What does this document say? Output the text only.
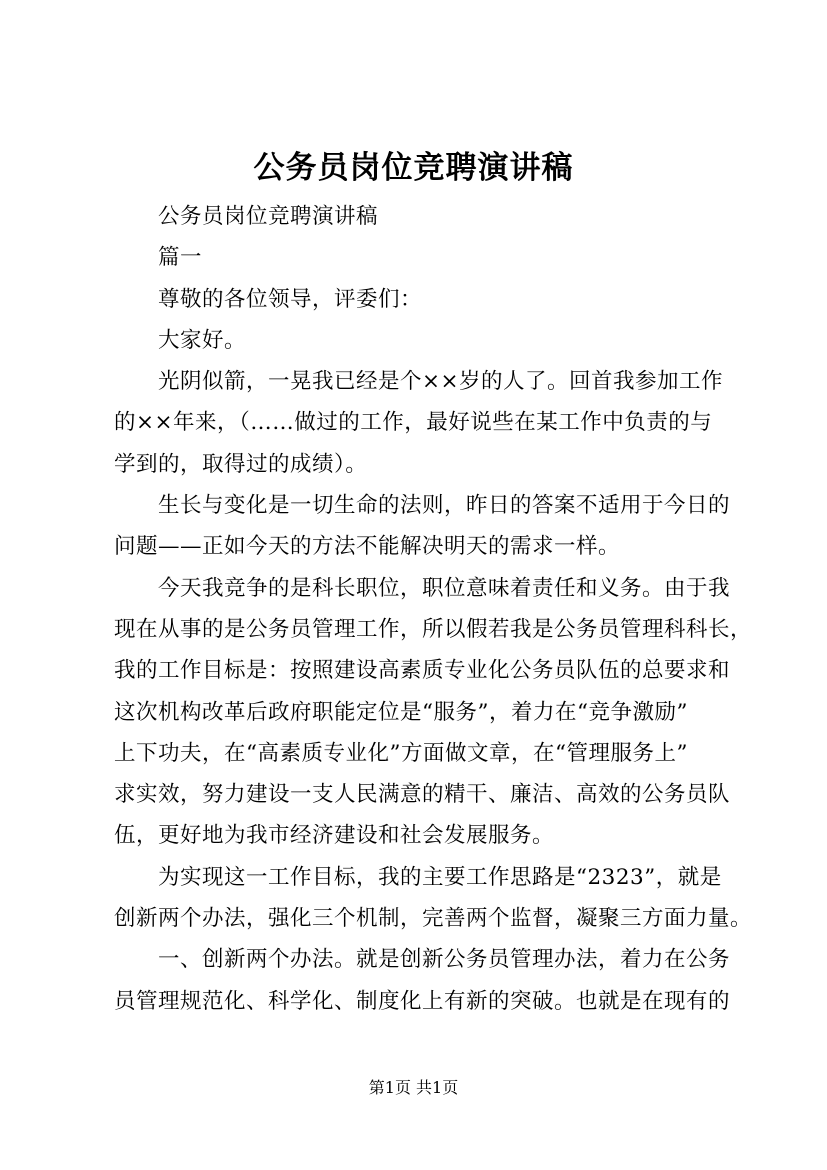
公务员岗位竞聘演讲稿
公务员岗位竞聘演讲稿
篇一
尊敬的各位领导，评委们：
大家好。
光阴似箭，一晃我已经是个××岁的人了。回首我参加工作
的××年来，（……做过的工作，最好说些在某工作中负责的与
学到的，取得过的成绩）。
生长与变化是一切生命的法则，昨日的答案不适用于今日的
问题——正如今天的方法不能解决明天的需求一样。
今天我竞争的是科长职位，职位意味着责任和义务。由于我
现在从事的是公务员管理工作，所以假若我是公务员管理科科长，
我的工作目标是：按照建设高素质专业化公务员队伍的总要求和
这次机构改革后政府职能定位是“服务”，着力在“竞争激励”
上下功夫，在“高素质专业化”方面做文章，在“管理服务上”
求实效，努力建设一支人民满意的精干、廉洁、高效的公务员队
伍，更好地为我市经济建设和社会发展服务。
为实现这一工作目标，我的主要工作思路是“2323”，就是
创新两个办法，强化三个机制，完善两个监督，凝聚三方面力量。
一、创新两个办法。就是创新公务员管理办法，着力在公务
员管理规范化、科学化、制度化上有新的突破。也就是在现有的
第1页 共1页
